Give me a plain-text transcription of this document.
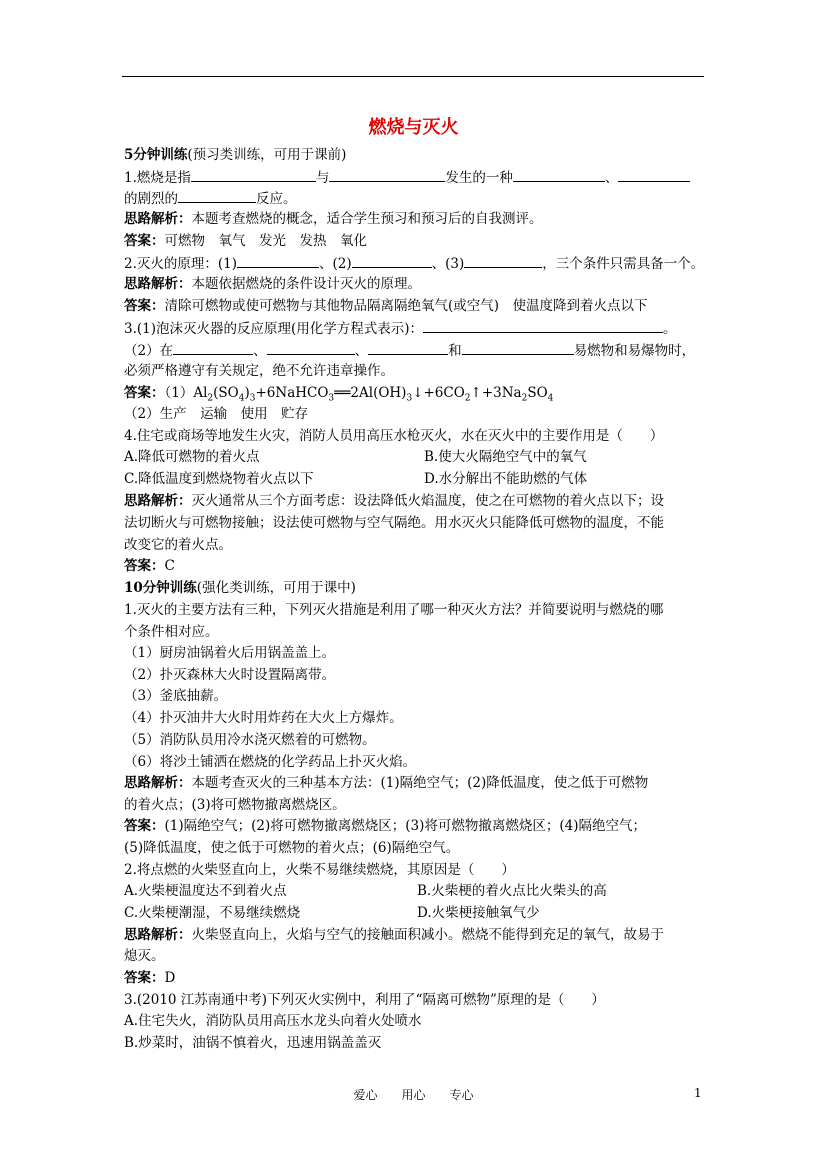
燃烧与灭火
5分钟训练(预习类训练，可用于课前)
1.燃烧是指	与	发生的一种	、
的剧烈的	反应。
思路解析：本题考查燃烧的概念，适合学生预习和预习后的自我测评。
答案：可燃物　氧气　发光　发热　氧化
2.灭火的原理：(1)	、(2)	、(3)	，三个条件只需具备一个。
思路解析：本题依据燃烧的条件设计灭火的原理。
答案：清除可燃物或使可燃物与其他物品隔离隔绝氧气(或空气)　使温度降到着火点以下
3.(1)泡沫灭火器的反应原理(用化学方程式表示)：	。
（2）在	、	、	和	易燃物和易爆物时，
必须严格遵守有关规定，绝不允许违章操作。
答案：$(1)Al_2(SO_4)_3+6NaHCO_3══2Al(OH)_3↓+6CO_2↑+3Na_2SO_4$
（2）生产　运输　使用　贮存
4.住宅或商场等地发生火灾，消防人员用高压水枪灭火，水在灭火中的主要作用是（　　）
A.降低可燃物的着火点	B.使大火隔绝空气中的氧气
C.降低温度到燃烧物着火点以下	D.水分解出不能助燃的气体
思路解析：灭火通常从三个方面考虑：设法降低火焰温度，使之在可燃物的着火点以下；设
法切断火与可燃物接触；设法使可燃物与空气隔绝。用水灭火只能降低可燃物的温度，不能
改变它的着火点。
答案：C
10分钟训练(强化类训练，可用于课中)
1.灭火的主要方法有三种，下列灭火措施是利用了哪一种灭火方法？并简要说明与燃烧的哪
个条件相对应。
（1）厨房油锅着火后用锅盖盖上。
（2）扑灭森林大火时设置隔离带。
（3）釜底抽薪。
（4）扑灭油井大火时用炸药在大火上方爆炸。
（5）消防队员用冷水浇灭燃着的可燃物。
（6）将沙土铺洒在燃烧的化学药品上扑灭火焰。
思路解析：本题考查灭火的三种基本方法：(1)隔绝空气；(2)降低温度，使之低于可燃物
的着火点；(3)将可燃物撤离燃烧区。
答案：(1)隔绝空气；(2)将可燃物撤离燃烧区；(3)将可燃物撤离燃烧区；(4)隔绝空气；
(5)降低温度，使之低于可燃物的着火点；(6)隔绝空气。
2.将点燃的火柴竖直向上，火柴不易继续燃烧，其原因是（　　）
A.火柴梗温度达不到着火点	B.火柴梗的着火点比火柴头的高
C.火柴梗潮湿，不易继续燃烧	D.火柴梗接触氧气少
思路解析：火柴竖直向上，火焰与空气的接触面积减小。燃烧不能得到充足的氧气，故易于
熄灭。
答案：D
3.(2010 江苏南通中考)下列灭火实例中，利用了“隔离可燃物”原理的是（　　）
A.住宅失火，消防队员用高压水龙头向着火处喷水
B.炒菜时，油锅不慎着火，迅速用锅盖盖灭
爱心　　用心　　专心	1
